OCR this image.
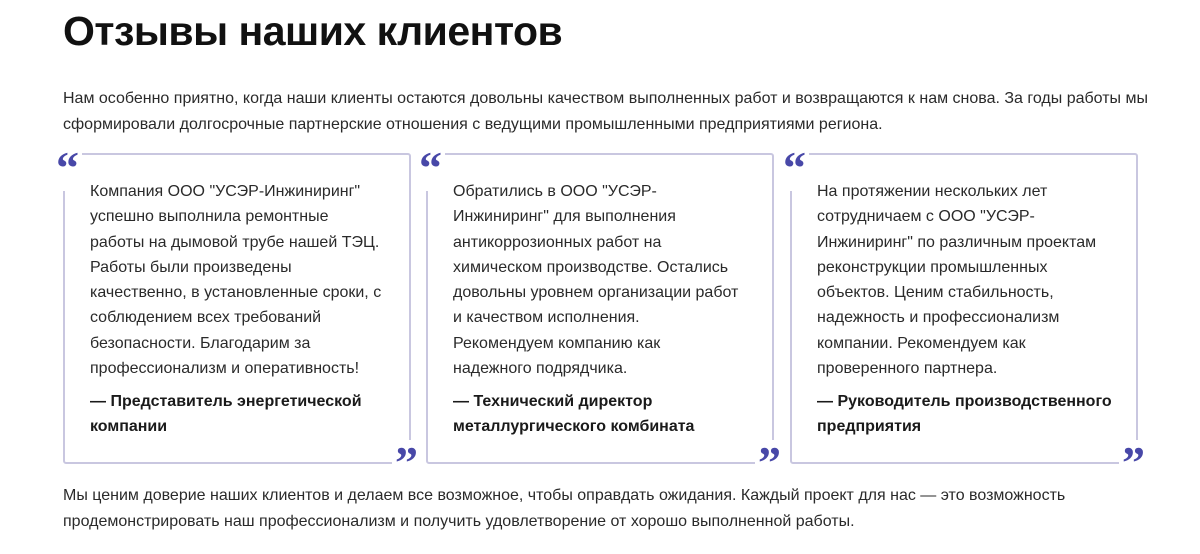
Отзывы наших клиентов

Нам особенно приятно, когда наши клиенты остаются довольны качеством выполненных работ и возвращаются к нам снова. За годы работы мы сформировали долгосрочные партнерские отношения с ведущими промышленными предприятиями региона.

“ Компания ООО "УСЭР-Инжиниринг"
успешно выполнила ремонтные
работы на дымовой трубе нашей ТЭЦ.
Работы были произведены
качественно, в установленные сроки, с
соблюдением всех требований
безопасности. Благодарим за
профессионализм и оперативность!

— Представитель энергетической
компании

”
“ Обратились в ООО "УСЭР-
Инжиниринг" для выполнения
антикоррозионных работ на
химическом производстве. Остались
довольны уровнем организации работ
и качеством исполнения.
Рекомендуем компанию как
надежного подрядчика.

— Технический директор
металлургического комбината

”
“ На протяжении нескольких лет
сотрудничаем с ООО "УСЭР-
Инжиниринг" по различным проектам
реконструкции промышленных
объектов. Ценим стабильность,
надежность и профессионализм
компании. Рекомендуем как
проверенного партнера.

— Руководитель производственного
предприятия

”

Мы ценим доверие наших клиентов и делаем все возможное, чтобы оправдать ожидания. Каждый проект для нас — это возможность продемонстрировать наш профессионализм и получить удовлетворение от хорошо выполненной работы.
